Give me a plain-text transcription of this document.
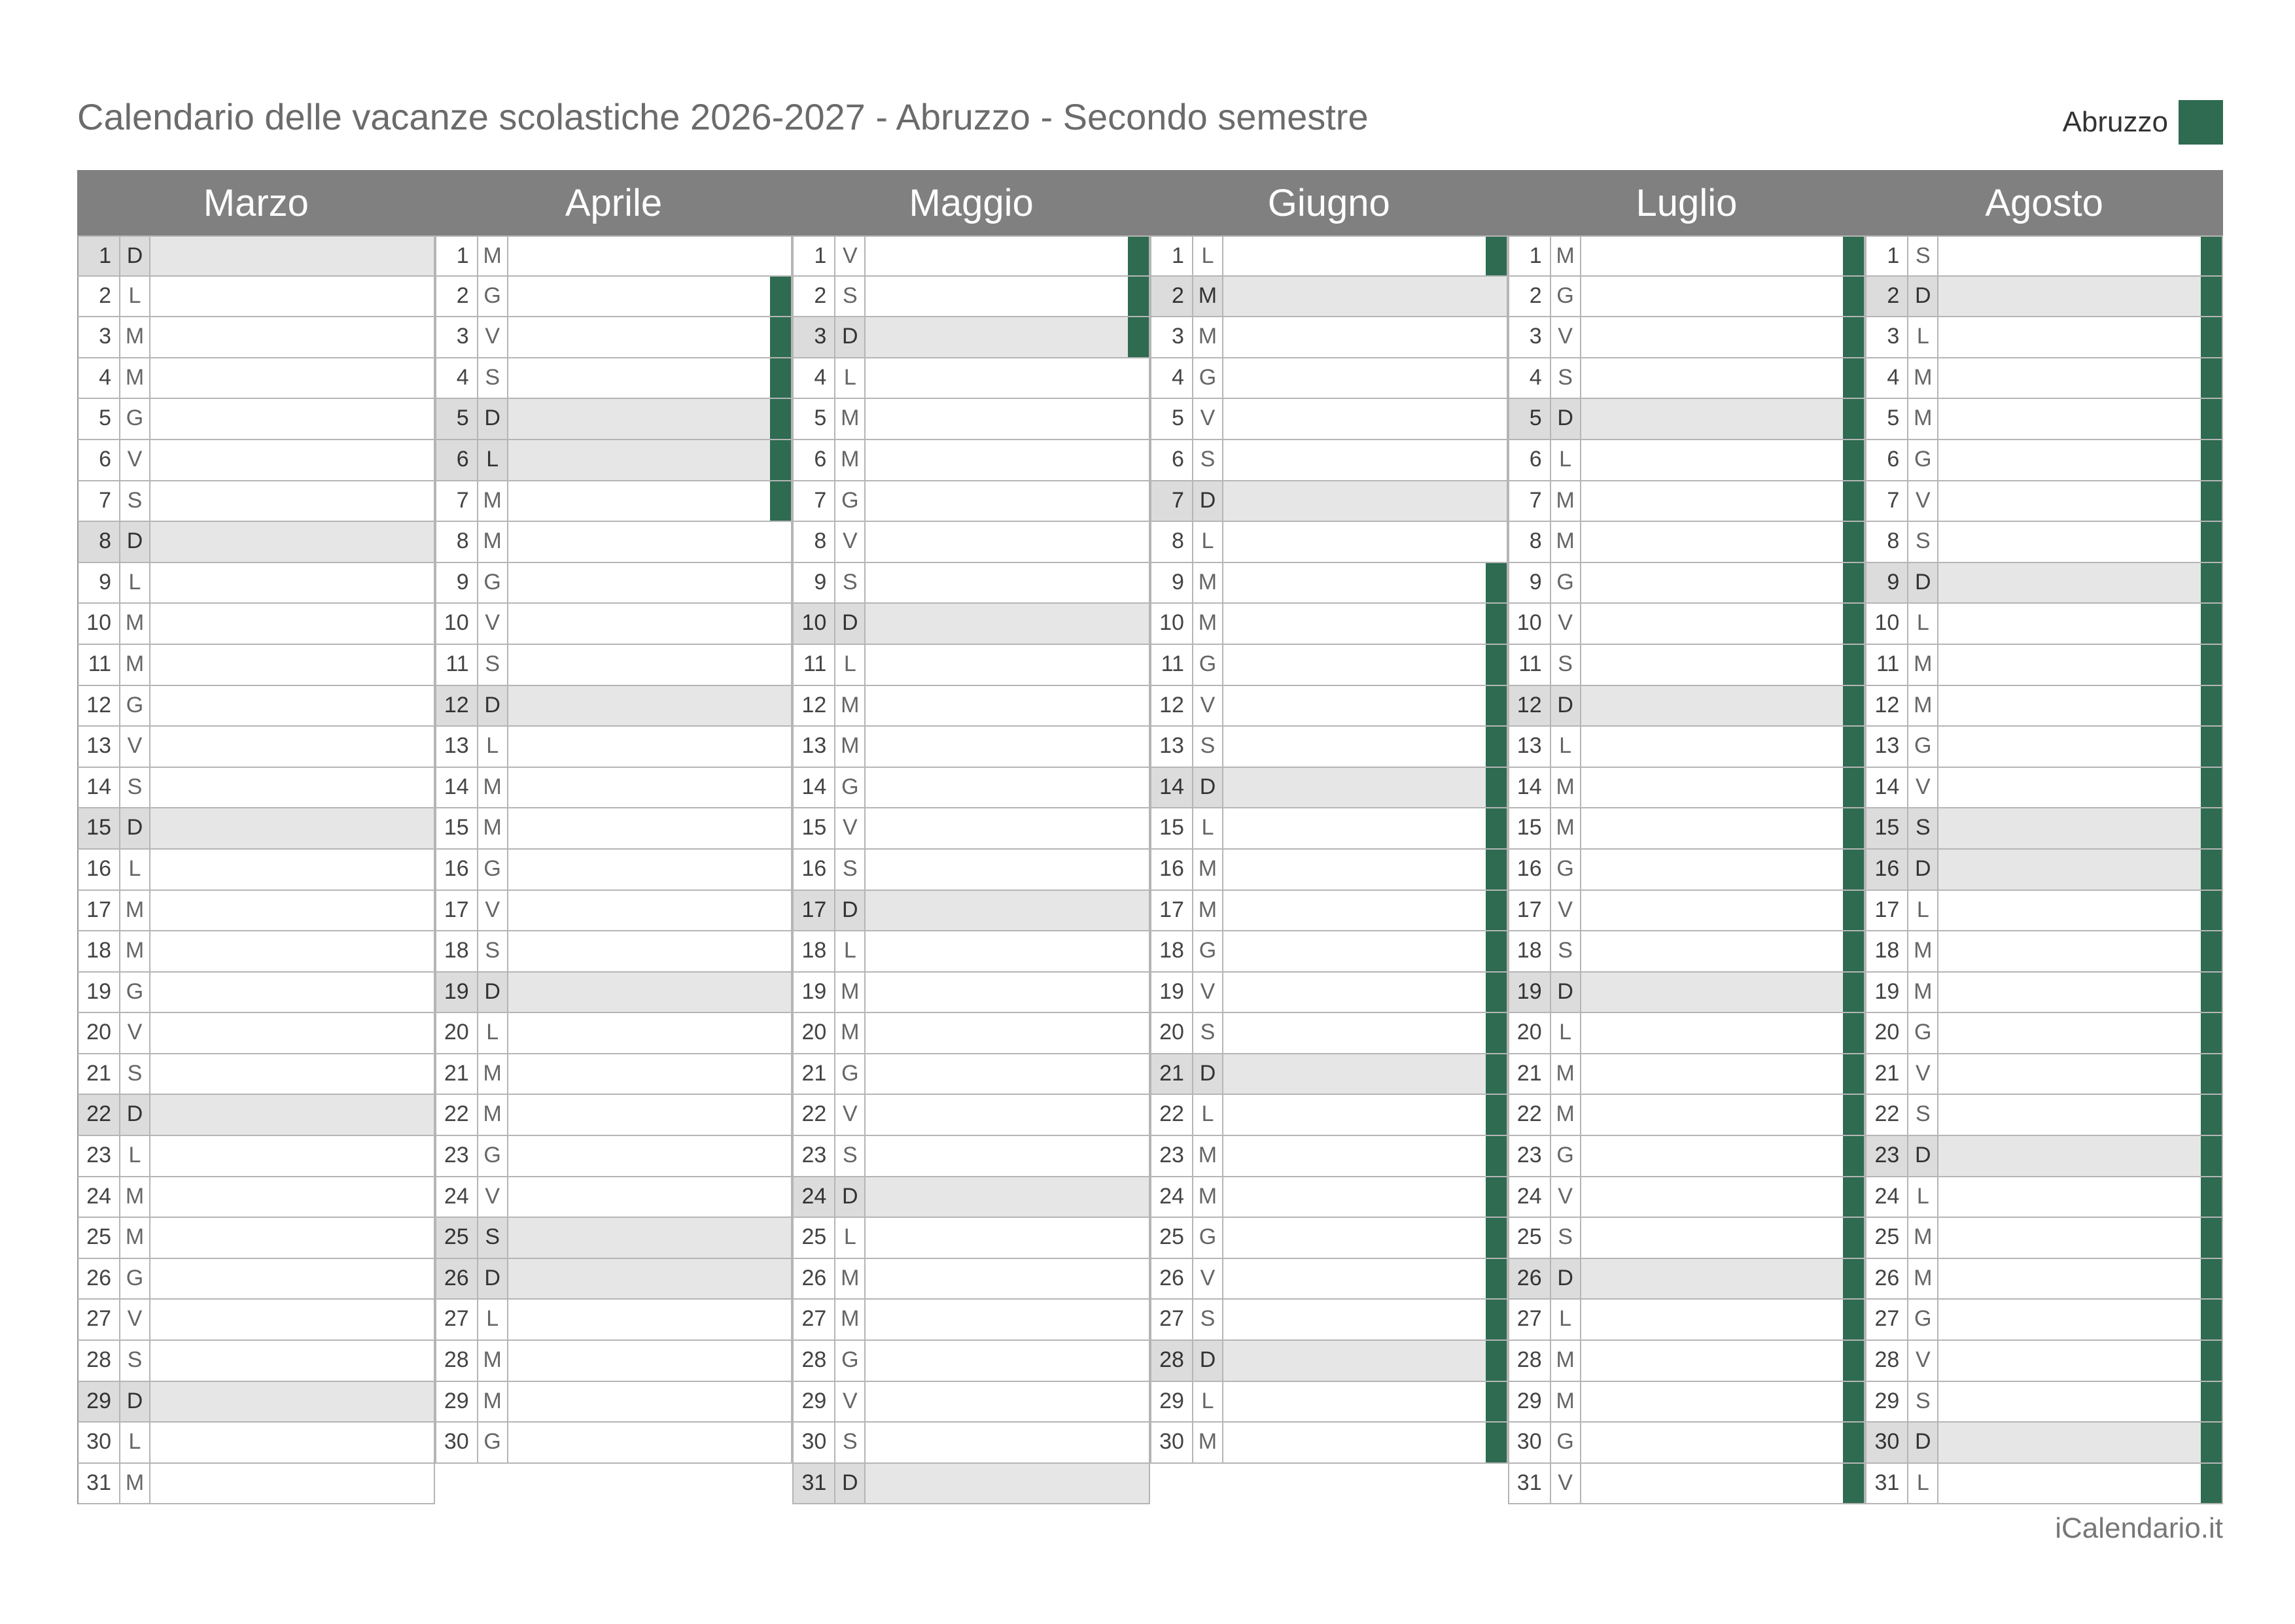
Calendario delle vacanze scolastiche 2026-2027 - Abruzzo - Secondo semestre	Abruzzo
Marzo
1 D
2 L
3 M
4 M
5 G
6 V
7 S
8 D
9 L
10 M
11 M
12 G
13 V
14 S
15 D
16 L
17 M
18 M
19 G
20 V
21 S
22 D
23 L
24 M
25 M
26 G
27 V
28 S
29 D
30 L
31 M
Aprile
1 M
2 G
3 V
4 S
5 D
6 L
7 M
8 M
9 G
10 V
11 S
12 D
13 L
14 M
15 M
16 G
17 V
18 S
19 D
20 L
21 M
22 M
23 G
24 V
25 S
26 D
27 L
28 M
29 M
30 G
Maggio
1 V
2 S
3 D
4 L
5 M
6 M
7 G
8 V
9 S
10 D
11 L
12 M
13 M
14 G
15 V
16 S
17 D
18 L
19 M
20 M
21 G
22 V
23 S
24 D
25 L
26 M
27 M
28 G
29 V
30 S
31 D
Giugno
1 L
2 M
3 M
4 G
5 V
6 S
7 D
8 L
9 M
10 M
11 G
12 V
13 S
14 D
15 L
16 M
17 M
18 G
19 V
20 S
21 D
22 L
23 M
24 M
25 G
26 V
27 S
28 D
29 L
30 M
Luglio
1 M
2 G
3 V
4 S
5 D
6 L
7 M
8 M
9 G
10 V
11 S
12 D
13 L
14 M
15 M
16 G
17 V
18 S
19 D
20 L
21 M
22 M
23 G
24 V
25 S
26 D
27 L
28 M
29 M
30 G
31 V
Agosto
1 S
2 D
3 L
4 M
5 M
6 G
7 V
8 S
9 D
10 L
11 M
12 M
13 G
14 V
15 S
16 D
17 L
18 M
19 M
20 G
21 V
22 S
23 D
24 L
25 M
26 M
27 G
28 V
29 S
30 D
31 L
iCalendario.it
